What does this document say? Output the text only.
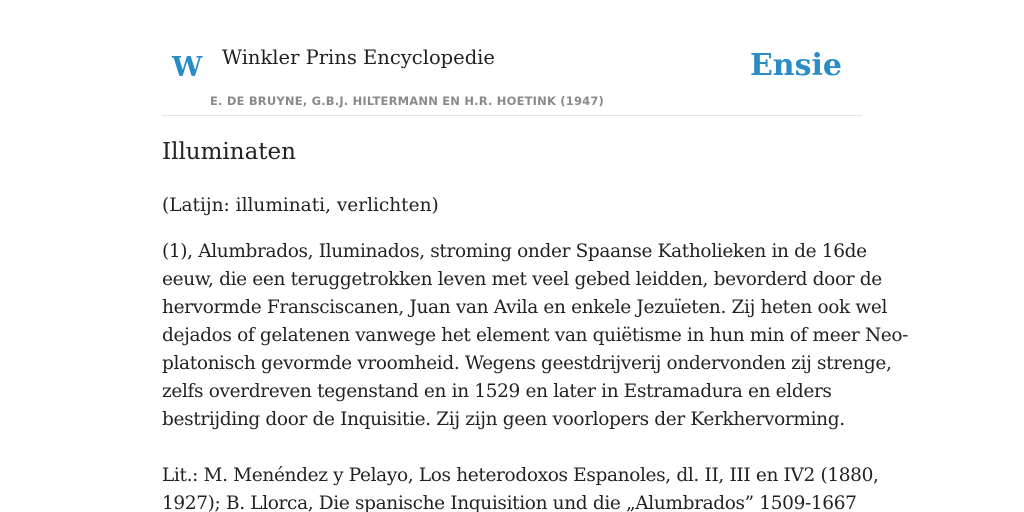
W Winkler Prins Encyclopedie
E. DE BRUYNE, G.B.J. HILTERMANN EN H.R. HOETINK (1947)
Ensie
Illuminaten
(Latijn: illuminati, verlichten)

(1), Alumbrados, Iluminados, stroming onder Spaanse Katholieken in de 16de
eeuw, die een teruggetrokken leven met veel gebed leidden, bevorderd door de
hervormde Fransciscanen, Juan van Avila en enkele Jezuïeten. Zij heten ook wel
dejados of gelatenen vanwege het element van quiëtisme in hun min of meer Neo-
platonisch gevormde vroomheid. Wegens geestdrijverij ondervonden zij strenge,
zelfs overdreven tegenstand en in 1529 en later in Estramadura en elders
bestrijding door de Inquisitie. Zij zijn geen voorlopers der Kerkhervorming.

Lit.: M. Menéndez y Pelayo, Los heterodoxos Espanoles, dl. II, III en IV2 (1880,
1927); B. Llorca, Die spanische Inquisition und die „Alumbrados” 1509-1667
